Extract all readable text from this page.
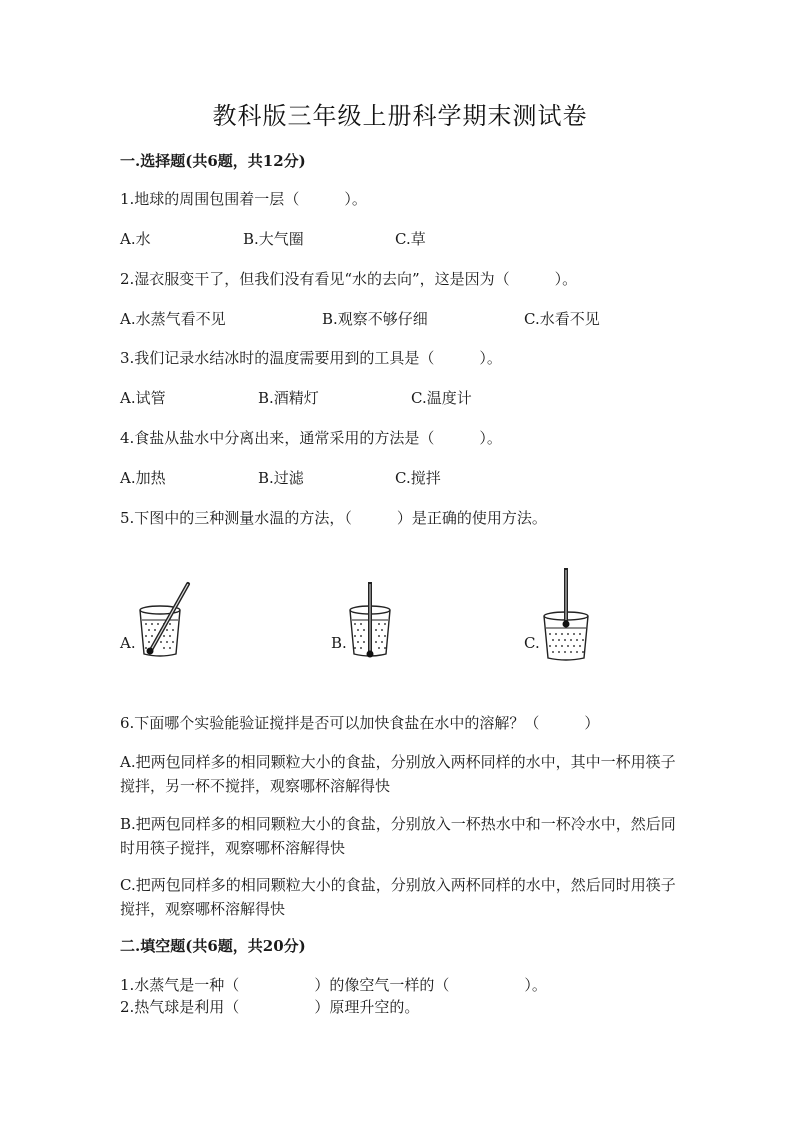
教科版三年级上册科学期末测试卷
一.选择题(共6题，共12分)
1.地球的周围包围着一层（　　　）。
A.水	B.大气圈	C.草
2.湿衣服变干了，但我们没有看见“水的去向”，这是因为（　　　）。
A.水蒸气看不见	B.观察不够仔细	C.水看不见
3.我们记录水结冰时的温度需要用到的工具是（　　　）。
A.试管	B.酒精灯	C.温度计
4.食盐从盐水中分离出来，通常采用的方法是（　　　）。
A.加热	B.过滤	C.搅拌
5.下图中的三种测量水温的方法，（　　　）是正确的使用方法。
A.	B.	C.
6.下面哪个实验能验证搅拌是否可以加快食盐在水中的溶解？（　　　）
A.把两包同样多的相同颗粒大小的食盐，分别放入两杯同样的水中，其中一杯用筷子搅拌，另一杯不搅拌，观察哪杯溶解得快
B.把两包同样多的相同颗粒大小的食盐，分别放入一杯热水中和一杯冷水中，然后同时用筷子搅拌，观察哪杯溶解得快
C.把两包同样多的相同颗粒大小的食盐，分别放入两杯同样的水中，然后同时用筷子搅拌，观察哪杯溶解得快
二.填空题(共6题，共20分)
1.水蒸气是一种（　　　　　）的像空气一样的（　　　　　）。
2.热气球是利用（　　　　　）原理升空的。
